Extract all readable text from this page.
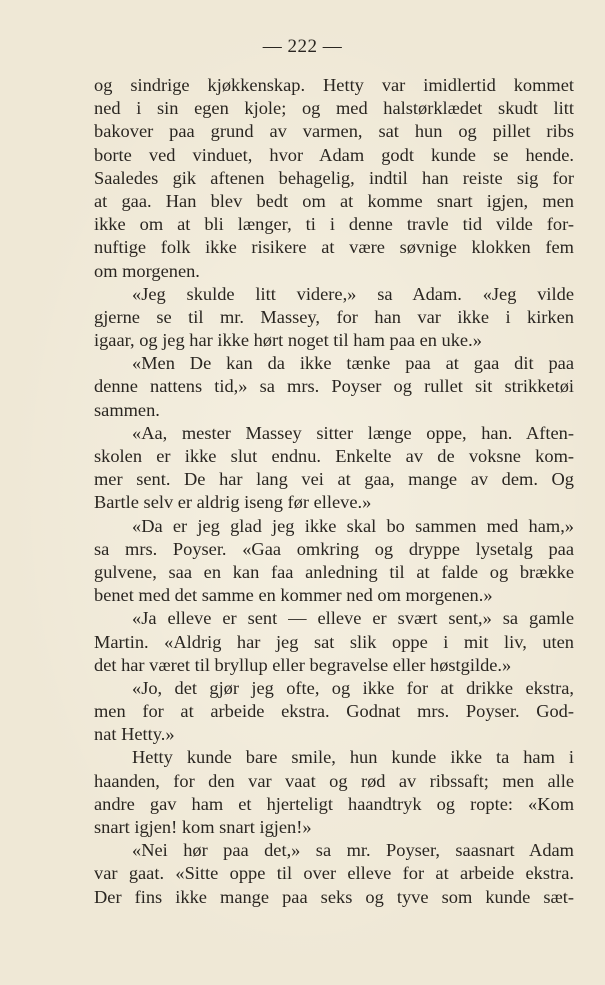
— 222 —
og sindrige kjøkkenskap. Hetty var imidlertid kommet
ned i sin egen kjole; og med halstørklædet skudt litt
bakover paa grund av varmen, sat hun og pillet ribs
borte ved vinduet, hvor Adam godt kunde se hende.
Saaledes gik aftenen behagelig, indtil han reiste sig for
at gaa. Han blev bedt om at komme snart igjen, men
ikke om at bli længer, ti i denne travle tid vilde for-
nuftige folk ikke risikere at være søvnige klokken fem
om morgenen.
«Jeg skulde litt videre,» sa Adam. «Jeg vilde
gjerne se til mr. Massey, for han var ikke i kirken
igaar, og jeg har ikke hørt noget til ham paa en uke.»
«Men De kan da ikke tænke paa at gaa dit paa
denne nattens tid,» sa mrs. Poyser og rullet sit strikketøi
sammen.
«Aa, mester Massey sitter længe oppe, han. Aften-
skolen er ikke slut endnu. Enkelte av de voksne kom-
mer sent. De har lang vei at gaa, mange av dem. Og
Bartle selv er aldrig iseng før elleve.»
«Da er jeg glad jeg ikke skal bo sammen med ham,»
sa mrs. Poyser. «Gaa omkring og dryppe lysetalg paa
gulvene, saa en kan faa anledning til at falde og brække
benet med det samme en kommer ned om morgenen.»
«Ja elleve er sent — elleve er svært sent,» sa gamle
Martin. «Aldrig har jeg sat slik oppe i mit liv, uten
det har været til bryllup eller begravelse eller høstgilde.»
«Jo, det gjør jeg ofte, og ikke for at drikke ekstra,
men for at arbeide ekstra. Godnat mrs. Poyser. God-
nat Hetty.»
Hetty kunde bare smile, hun kunde ikke ta ham i
haanden, for den var vaat og rød av ribssaft; men alle
andre gav ham et hjerteligt haandtryk og ropte: «Kom
snart igjen! kom snart igjen!»
«Nei hør paa det,» sa mr. Poyser, saasnart Adam
var gaat. «Sitte oppe til over elleve for at arbeide ekstra.
Der fins ikke mange paa seks og tyve som kunde sæt-
